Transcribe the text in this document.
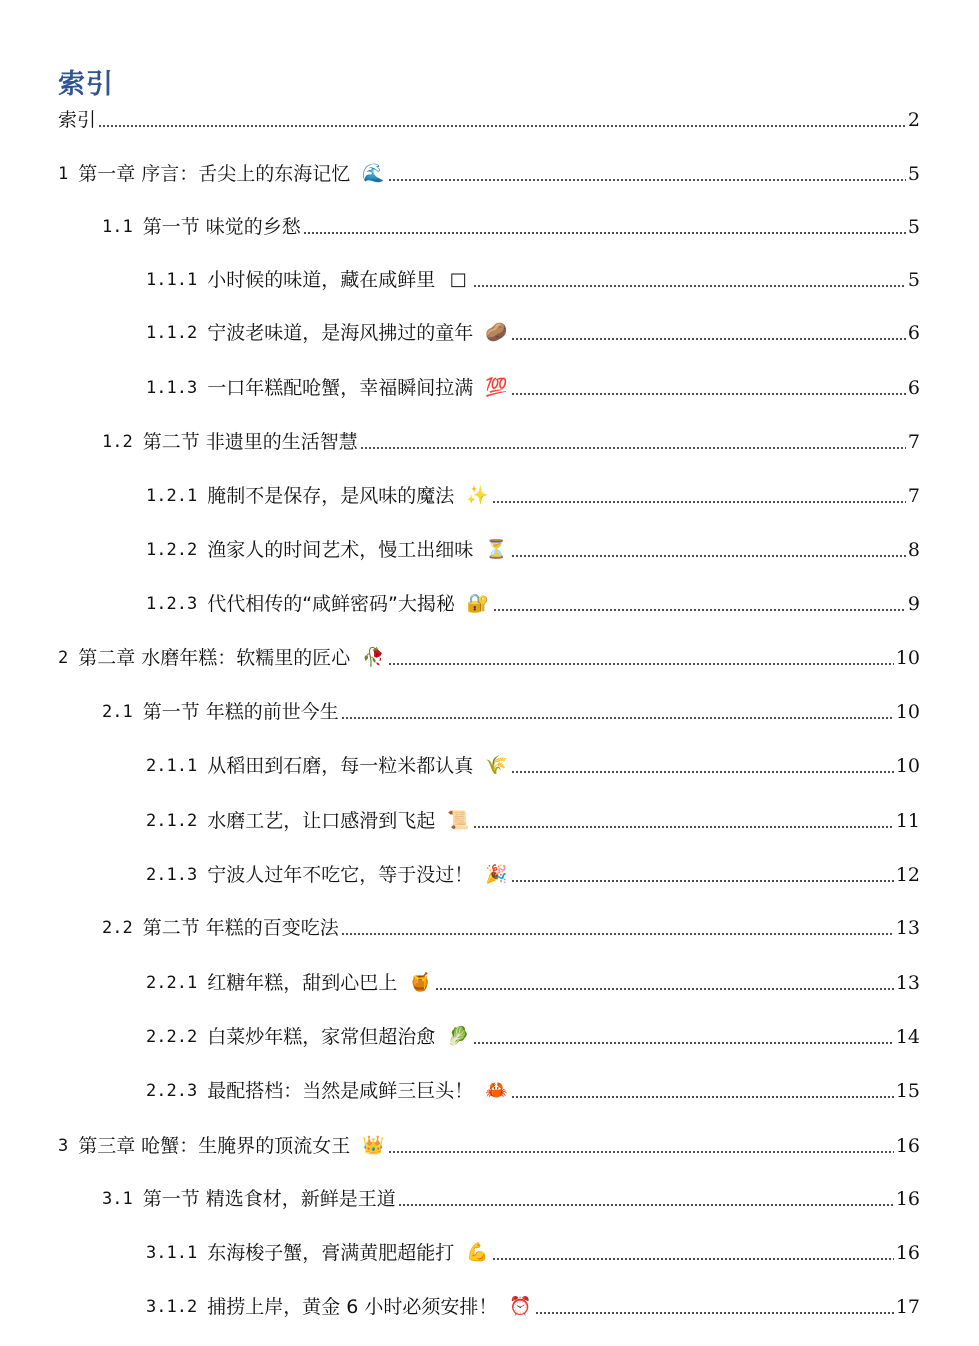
索引
索引	2
1 第一章 序言：舌尖上的东海记忆 🌊	5
1.1 第一节 味觉的乡愁	5
1.1.1 小时候的味道，藏在咸鲜里 □	5
1.1.2 宁波老味道，是海风拂过的童年 🥔	6
1.1.3 一口年糕配呛蟹，幸福瞬间拉满 💯	6
1.2 第二节 非遗里的生活智慧	7
1.2.1 腌制不是保存，是风味的魔法 ✨	7
1.2.2 渔家人的时间艺术，慢工出细味 ⏳	8
1.2.3 代代相传的“咸鲜密码”大揭秘 🔐	9
2 第二章 水磨年糕：软糯里的匠心 🥀	10
2.1 第一节 年糕的前世今生	10
2.1.1 从稻田到石磨，每一粒米都认真 🌾	10
2.1.2 水磨工艺，让口感滑到飞起 📜	11
2.1.3 宁波人过年不吃它，等于没过！ 🎉	12
2.2 第二节 年糕的百变吃法	13
2.2.1 红糖年糕，甜到心巴上 🍯	13
2.2.2 白菜炒年糕，家常但超治愈 🥬	14
2.2.3 最配搭档：当然是咸鲜三巨头！ 🦀	15
3 第三章 呛蟹：生腌界的顶流女王 👑	16
3.1 第一节 精选食材，新鲜是王道	16
3.1.1 东海梭子蟹，膏满黄肥超能打 💪	16
3.1.2 捕捞上岸，黄金 6 小时必须安排！ ⏰	17
